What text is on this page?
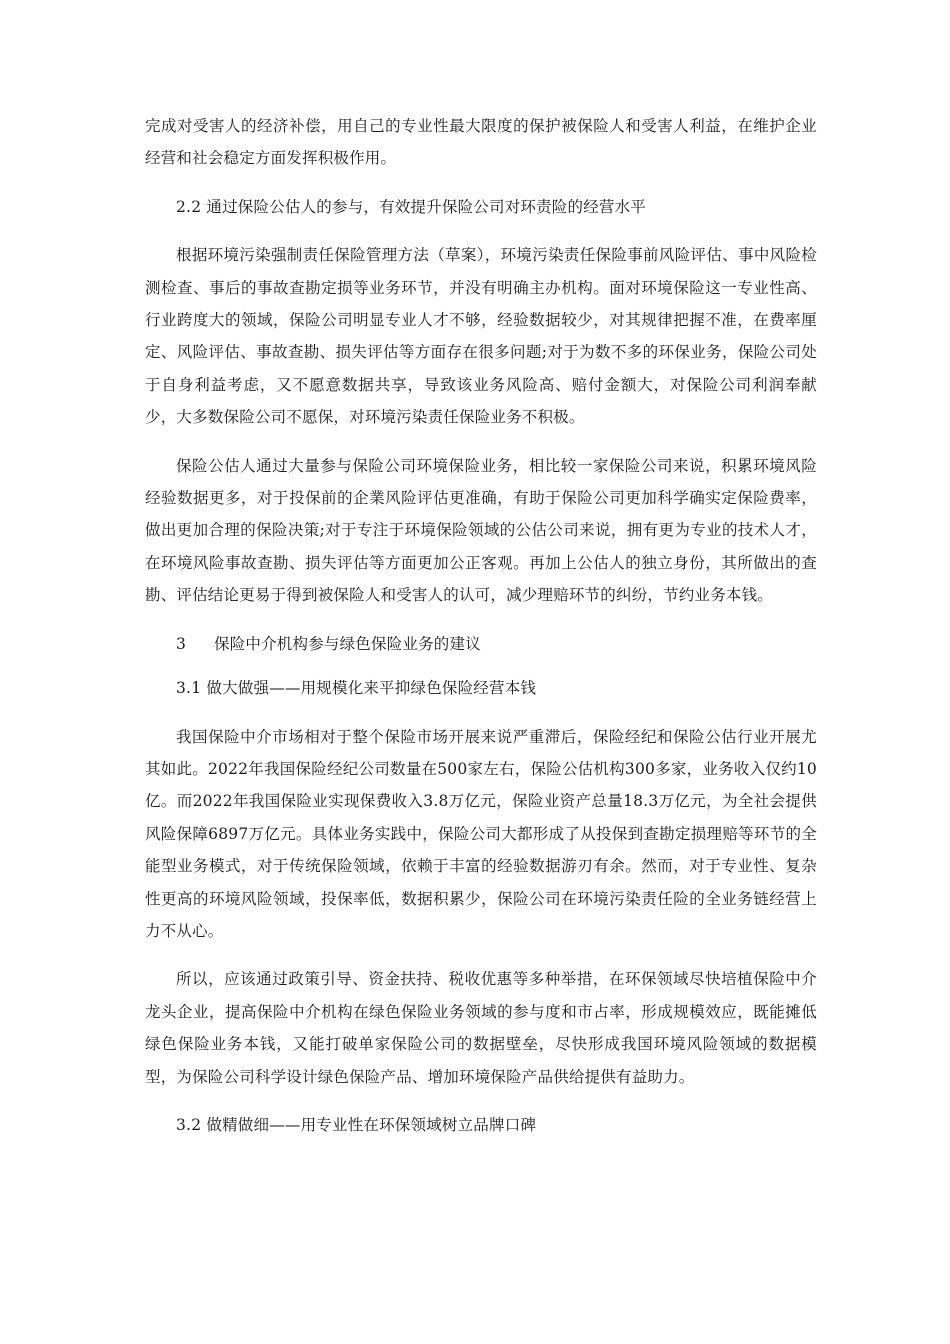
完成对受害人的经济补偿，用自己的专业性最大限度的保护被保险人和受害人利益，在维护企业经营和社会稳定方面发挥积极作用。

2.2 通过保险公估人的参与，有效提升保险公司对环责险的经营水平

根据环境污染强制责任保险管理方法（草案），环境污染责任保险事前风险评估、事中风险检测检查、事后的事故查勘定损等业务环节，并没有明确主办机构。面对环境保险这一专业性高、行业跨度大的领域，保险公司明显专业人才不够，经验数据较少，对其规律把握不准，在费率厘定、风险评估、事故查勘、损失评估等方面存在很多问题;对于为数不多的环保业务，保险公司处于自身利益考虑，又不愿意数据共享，导致该业务风险高、赔付金额大，对保险公司利润奉献少，大多数保险公司不愿保，对环境污染责任保险业务不积极。

保险公估人通过大量参与保险公司环境保险业务，相比较一家保险公司来说，积累环境风险经验数据更多，对于投保前的企業风险评估更准确，有助于保险公司更加科学确实定保险费率，做出更加合理的保险决策;对于专注于环境保险领域的公估公司来说，拥有更为专业的技术人才，在环境风险事故查勘、损失评估等方面更加公正客观。再加上公估人的独立身份，其所做出的查勘、评估结论更易于得到被保险人和受害人的认可，减少理赔环节的纠纷，节约业务本钱。

3 保险中介机构参与绿色保险业务的建议

3.1 做大做强——用规模化来平抑绿色保险经营本钱

我国保险中介市场相对于整个保险市场开展来说严重滞后，保险经纪和保险公估行业开展尤其如此。2022年我国保险经纪公司数量在500家左右，保险公估机构300多家，业务收入仅约10亿。而2022年我国保险业实现保费收入3.8万亿元，保险业资产总量18.3万亿元，为全社会提供风险保障6897万亿元。具体业务实践中，保险公司大都形成了从投保到查勘定损理赔等环节的全能型业务模式，对于传统保险领域，依赖于丰富的经验数据游刃有余。然而，对于专业性、复杂性更高的环境风险领域，投保率低，数据积累少，保险公司在环境污染责任险的全业务链经营上力不从心。

所以，应该通过政策引导、资金扶持、税收优惠等多种举措，在环保领域尽快培植保险中介龙头企业，提高保险中介机构在绿色保险业务领域的参与度和市占率，形成规模效应，既能摊低绿色保险业务本钱，又能打破单家保险公司的数据壁垒，尽快形成我国环境风险领域的数据模型，为保险公司科学设计绿色保险产品、增加环境保险产品供给提供有益助力。

3.2 做精做细——用专业性在环保领域树立品牌口碑
